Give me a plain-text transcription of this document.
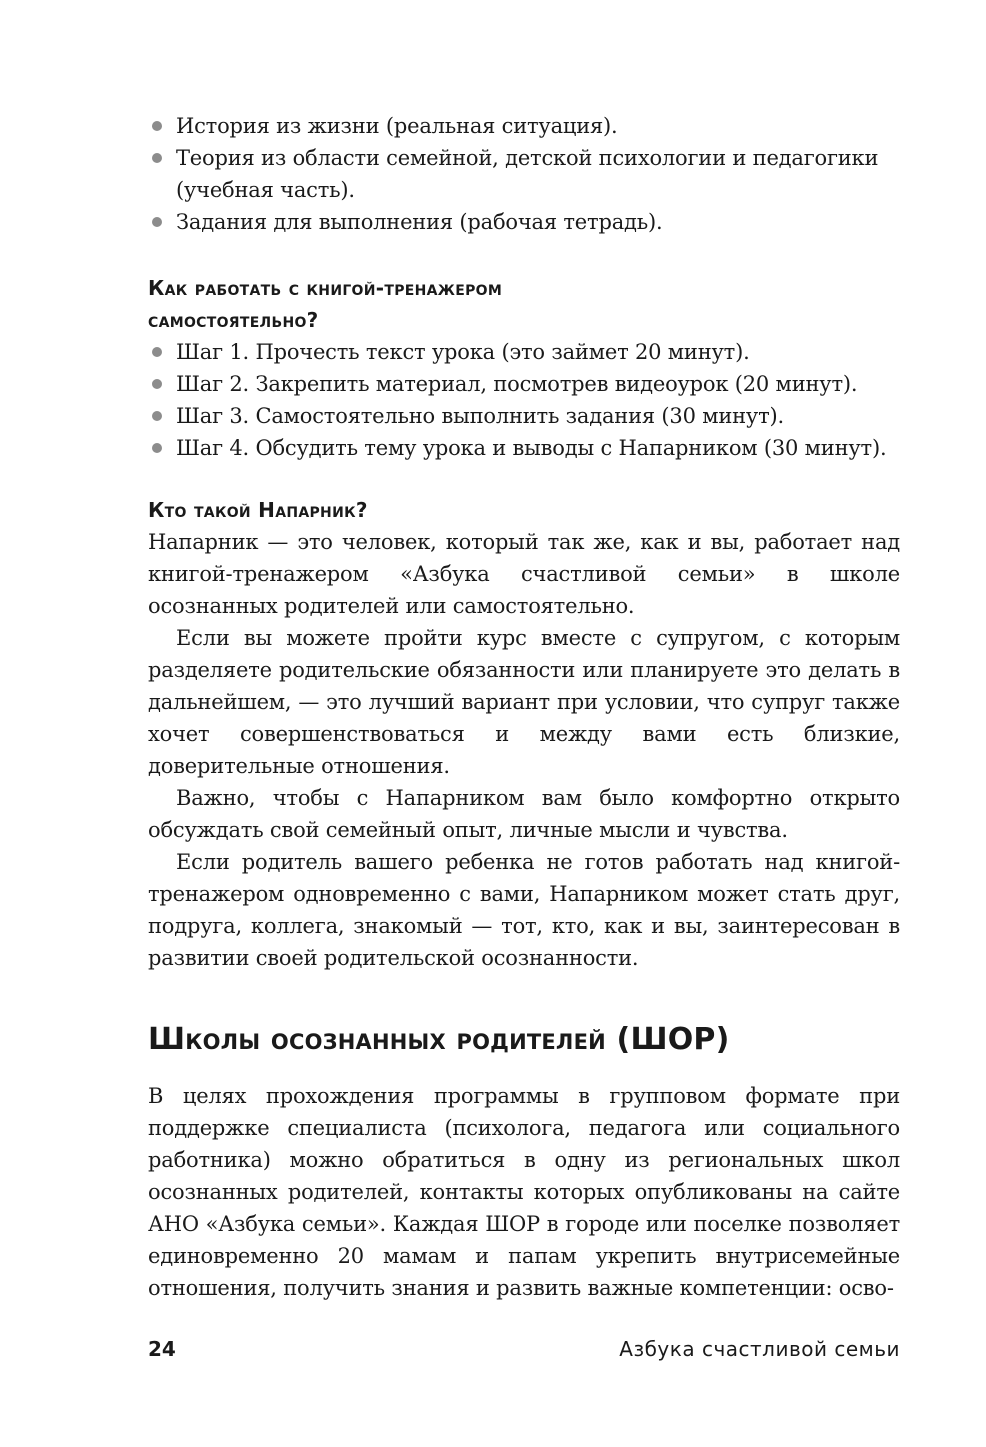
История из жизни (реальная ситуация).
Теория из области семейной, детской психологии и педагогики (учебная часть).
Задания для выполнения (рабочая тетрадь).
Как работать с книгой-тренажером
самостоятельно?
Шаг 1. Прочесть текст урока (это займет 20 минут).
Шаг 2. Закрепить материал, посмотрев видеоурок (20 минут).
Шаг 3. Самостоятельно выполнить задания (30 минут).
Шаг 4. Обсудить тему урока и выводы с Напарником (30 минут).
Кто такой Напарник?

Напарник — это человек, который так же, как и вы, работает над книгой-тренажером «Азбука счастливой семьи» в школе осознанных родителей или самостоятельно.

Если вы можете пройти курс вместе с супругом, с которым разделяете родительские обязанности или планируете это делать в дальнейшем, — это лучший вариант при условии, что супруг также хочет совершенствоваться и между вами есть близкие, доверительные отношения.

Важно, чтобы с Напарником вам было комфортно открыто обсуждать свой семейный опыт, личные мысли и чувства.

Если родитель вашего ребенка не готов работать над книгой-тренажером одновременно с вами, Напарником может стать друг, подруга, коллега, знакомый — тот, кто, как и вы, заинтересован в развитии своей родительской осознанности.

Школы осознанных родителей (ШОР)

В целях прохождения программы в групповом формате при поддержке специалиста (психолога, педагога или социального работника) можно обратиться в одну из региональных школ осознанных родителей, контакты которых опубликованы на сайте АНО «Азбука семьи». Каждая ШОР в городе или поселке позволяет единовременно 20 мамам и папам укрепить внутрисемейные отношения, получить знания и развить важные компетенции: осво-

24	Азбука счастливой семьи
